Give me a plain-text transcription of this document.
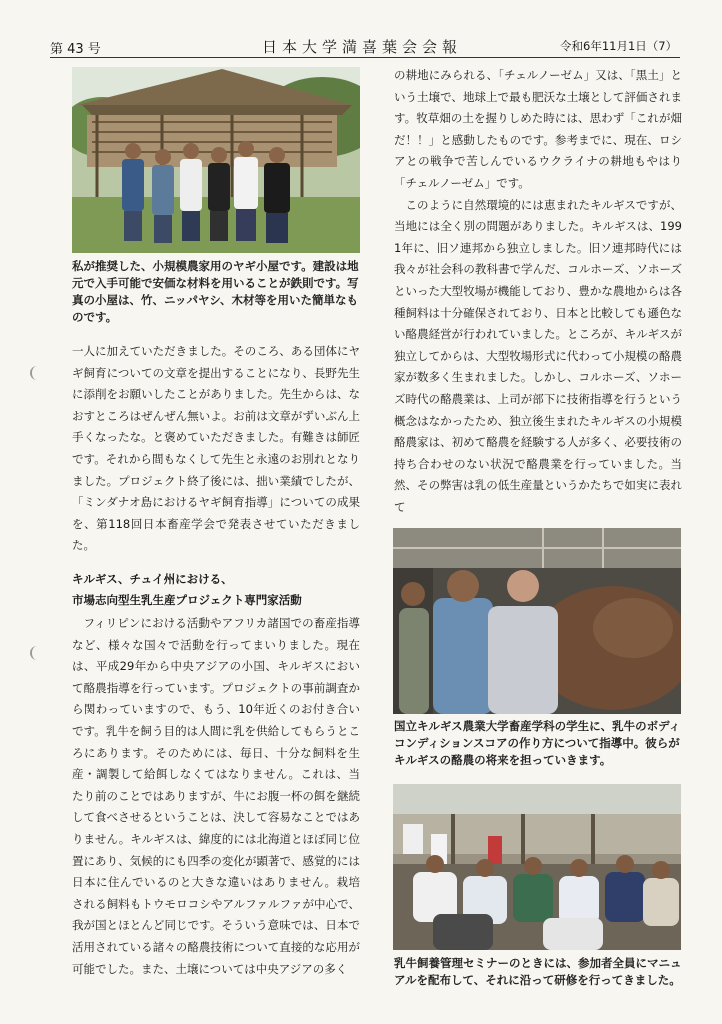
第 43 号	日本大学満喜葉会会報	令和6年11月1日（7）
私が推奨した、小規模農家用のヤギ小屋です。建設は地元で入手可能で安価な材料を用いることが鉄則です。写真の小屋は、竹、ニッパヤシ、木材等を用いた簡単なものです。

一人に加えていただきました。そのころ、ある団体にヤギ飼育についての文章を提出することになり、長野先生に添削をお願いしたことがありました。先生からは、なおすところはぜんぜん無いよ。お前は文章がずいぶん上手くなったな。と褒めていただきました。有難きは師匠です。それから間もなくして先生と永遠のお別れとなりました。プロジェクト終了後には、拙い業績でしたが、「ミンダナオ島におけるヤギ飼育指導」についての成果を、第118回日本畜産学会で発表させていただきました。

キルギス、チュイ州における、
市場志向型生乳生産プロジェクト専門家活動

フィリピンにおける活動やアフリカ諸国での畜産指導など、様々な国々で活動を行ってまいりました。現在は、平成29年から中央アジアの小国、キルギスにおいて酪農指導を行っています。プロジェクトの事前調査から関わっていますので、もう、10年近くのお付き合いです。乳牛を飼う目的は人間に乳を供給してもらうところにあります。そのためには、毎日、十分な飼料を生産・調製して給餌しなくてはなりません。これは、当たり前のことではありますが、牛にお腹一杯の餌を継続して食べさせるということは、決して容易なことではありません。キルギスは、緯度的には北海道とほぼ同じ位置にあり、気候的にも四季の変化が顕著で、感覚的には日本に住んでいるのと大きな違いはありません。栽培される飼料もトウモロコシやアルファルファが中心で、我が国とほとんど同じです。そういう意味では、日本で活用されている諸々の酪農技術について直接的な応用が可能でした。また、土壌については中央アジアの多く

の耕地にみられる、「チェルノーゼム」又は、「黒土」という土壌で、地球上で最も肥沃な土壌として評価されます。牧草畑の土を握りしめた時には、思わず「これが畑だ！！」と感動したものです。参考までに、現在、ロシアとの戦争で苦しんでいるウクライナの耕地もやはり「チェルノーゼム」です。

このように自然環境的には恵まれたキルギスですが、当地には全く別の問題がありました。キルギスは、1991年に、旧ソ連邦から独立しました。旧ソ連邦時代には我々が社会科の教科書で学んだ、コルホーズ、ソホーズといった大型牧場が機能しており、豊かな農地からは各種飼料は十分確保されており、日本と比較しても遜色ない酪農経営が行われていました。ところが、キルギスが独立してからは、大型牧場形式に代わって小規模の酪農家が数多く生まれました。しかし、コルホーズ、ソホーズ時代の酪農業は、上司が部下に技術指導を行うという概念はなかったため、独立後生まれたキルギスの小規模酪農家は、初めて酪農を経験する人が多く、必要技術の持ち合わせのない状況で酪農業を行っていました。当然、その弊害は乳の低生産量というかたちで如実に表れて

国立キルギス農業大学畜産学科の学生に、乳牛のボディコンディションスコアの作り方について指導中。彼らがキルギスの酪農の将来を担っていきます。
乳牛飼養管理セミナーのときには、参加者全員にマニュアルを配布して、それに沿って研修を行ってきました。
